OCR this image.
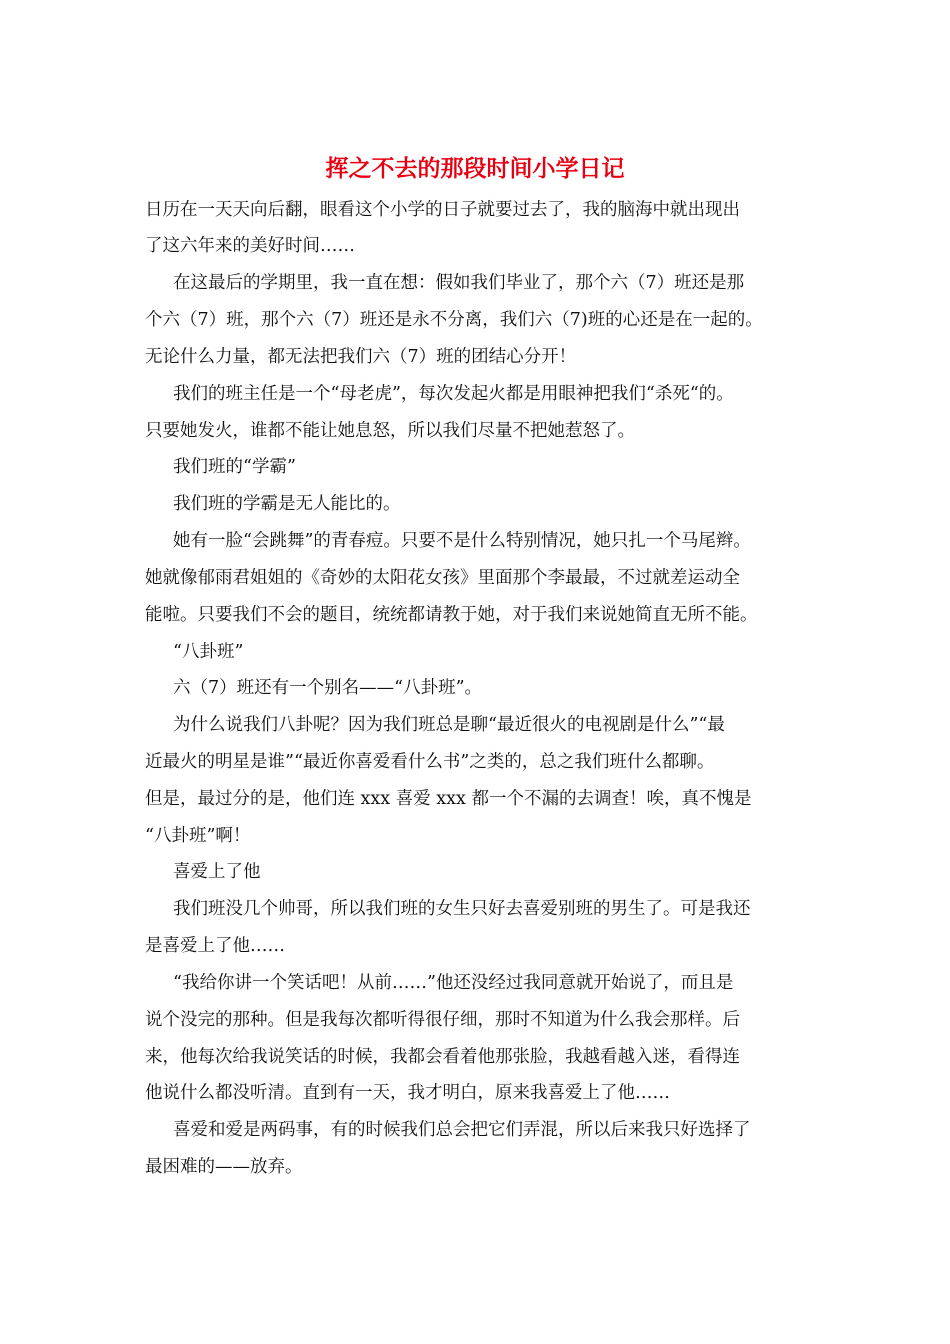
挥之不去的那段时间小学日记
日历在一天天向后翻，眼看这个小学的日子就要过去了，我的脑海中就出现出
了这六年来的美好时间……
在这最后的学期里，我一直在想：假如我们毕业了，那个六（7）班还是那
个六（7）班，那个六（7）班还是永不分离，我们六（7)班的心还是在一起的。
无论什么力量，都无法把我们六（7）班的团结心分开！
我们的班主任是一个“母老虎”，每次发起火都是用眼神把我们“杀死“的。
只要她发火，谁都不能让她息怒，所以我们尽量不把她惹怒了。
我们班的“学霸”
我们班的学霸是无人能比的。
她有一脸“会跳舞”的青春痘。只要不是什么特别情况，她只扎一个马尾辫。
她就像郁雨君姐姐的《奇妙的太阳花女孩》里面那个李最最，不过就差运动全
能啦。只要我们不会的题目，统统都请教于她，对于我们来说她简直无所不能。
“八卦班”
六（7）班还有一个别名——“八卦班”。
为什么说我们八卦呢？因为我们班总是聊“最近很火的电视剧是什么”“最
近最火的明星是谁”“最近你喜爱看什么书”之类的，总之我们班什么都聊。
但是，最过分的是，他们连 xxx 喜爱 xxx 都一个不漏的去调查！唉，真不愧是
“八卦班”啊！
喜爱上了他
我们班没几个帅哥，所以我们班的女生只好去喜爱别班的男生了。可是我还
是喜爱上了他……
“我给你讲一个笑话吧！从前……”他还没经过我同意就开始说了，而且是
说个没完的那种。但是我每次都听得很仔细，那时不知道为什么我会那样。后
来，他每次给我说笑话的时候，我都会看着他那张脸，我越看越入迷，看得连
他说什么都没听清。直到有一天，我才明白，原来我喜爱上了他……
喜爱和爱是两码事，有的时候我们总会把它们弄混，所以后来我只好选择了
最困难的——放弃。
